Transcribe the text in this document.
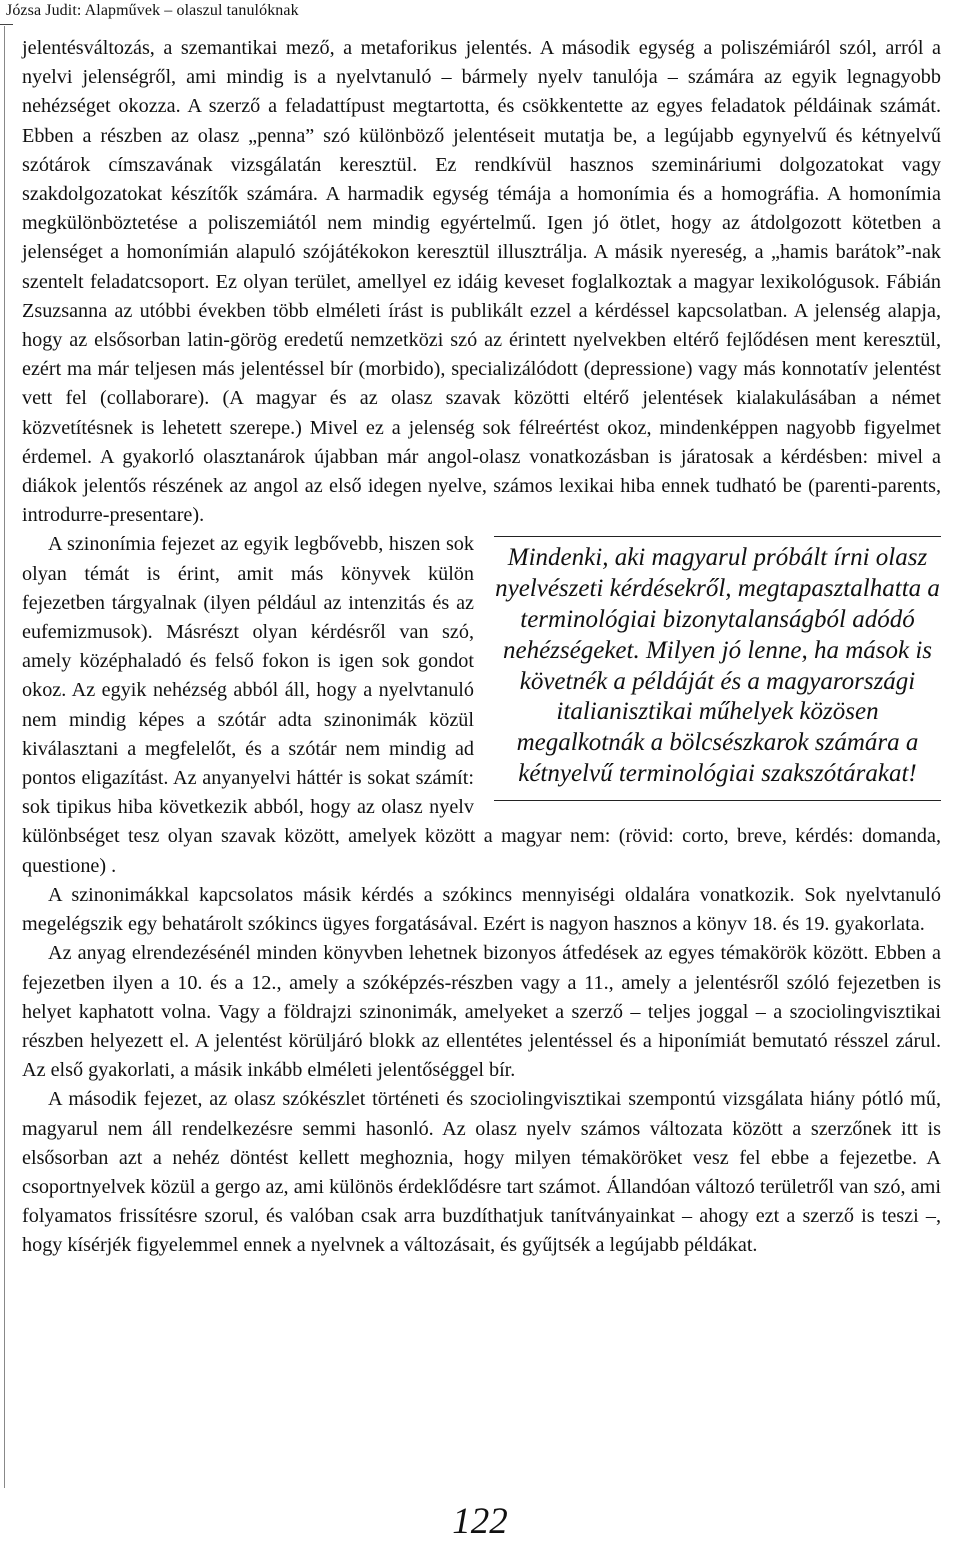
Józsa Judit: Alapművek – olaszul tanulóknak

jelentésváltozás, a szemantikai mező, a metaforikus jelentés. A második egység a poliszémiáról szól, arról a nyelvi jelenségről, ami mindig is a nyelvtanuló – bármely nyelv tanulója – számára az egyik legnagyobb nehézséget okozza. A szerző a feladattípust megtartotta, és csökkentette az egyes feladatok példáinak számát. Ebben a részben az olasz „penna” szó különböző jelentéseit mutatja be, a legújabb egynyelvű és kétnyelvű szótárok címszavának vizsgálatán keresztül. Ez rendkívül hasznos szemináriumi dolgozatokat vagy szakdolgozatokat készítők számára. A harmadik egység témája a homonímia és a homográfia. A homonímia megkülönböztetése a poliszemiától nem mindig egyértelmű. Igen jó ötlet, hogy az átdolgozott kötetben a jelenséget a homonímián alapuló szójátékokon keresztül illusztrálja. A másik nyereség, a „hamis barátok”-nak szentelt feladatcsoport. Ez olyan terület, amellyel ez idáig keveset foglalkoztak a magyar lexikológusok. Fábián Zsuzsanna az utóbbi években több elméleti írást is publikált ezzel a kérdéssel kapcsolatban. A jelenség alapja, hogy az elsősorban latin-görög eredetű nemzetközi szó az érintett nyelvekben eltérő fejlődésen ment keresztül, ezért ma már teljesen más jelentéssel bír (morbido), specializálódott (depressione) vagy más konnotatív jelentést vett fel (collaborare). (A magyar és az olasz szavak közötti eltérő jelentések kialakulásában a német közvetítésnek is lehetett szerepe.) Mivel ez a jelenség sok félreértést okoz, mindenképpen nagyobb figyelmet érdemel. A gyakorló olasztanárok újabban már angol-olasz vonatkozásban is járatosak a kérdésben: mivel a diákok jelentős részének az angol az első idegen nyelve, számos lexikai hiba ennek tudható be (parenti-parents, introdurre-presentare).

Mindenki, aki magyarul próbált írni olasz nyelvészeti kérdésekről, megtapasztalhatta a terminológiai bizonytalanságból adódó nehézségeket. Milyen jó lenne, ha mások is követnék a példáját és a magyarországi italianisztikai műhelyek közösen megalkotnák a bölcsészkarok számára a kétnyelvű terminológiai szakszótárakat!

A szinonímia fejezet az egyik legbővebb, hiszen sok olyan témát is érint, amit más könyvek külön fejezetben tárgyalnak (ilyen például az intenzitás és az eufemizmusok). Másrészt olyan kérdésről van szó, amely középhaladó és felső fokon is igen sok gondot okoz. Az egyik nehézség abból áll, hogy a nyelvtanuló nem mindig képes a szótár adta szinonimák közül kiválasztani a megfelelőt, és a szótár nem mindig ad pontos eligazítást. Az anyanyelvi háttér is sokat számít: sok tipikus hiba következik abból, hogy az olasz nyelv különbséget tesz olyan szavak között, amelyek között a magyar nem: (rövid: corto, breve, kérdés: domanda, questione) .

A szinonimákkal kapcsolatos másik kérdés a szókincs mennyiségi oldalára vonatkozik. Sok nyelvtanuló megelégszik egy behatárolt szókincs ügyes forgatásával. Ezért is nagyon hasznos a könyv 18. és 19. gyakorlata.

Az anyag elrendezésénél minden könyvben lehetnek bizonyos átfedések az egyes témakörök között. Ebben a fejezetben ilyen a 10. és a 12., amely a szóképzés-részben vagy a 11., amely a jelentésről szóló fejezetben is helyet kaphatott volna. Vagy a földrajzi szinonimák, amelyeket a szerző – teljes joggal – a szociolingvisztikai részben helyezett el. A jelentést körüljáró blokk az ellentétes jelentéssel és a hiponímiát bemutató résszel zárul. Az első gyakorlati, a másik inkább elméleti jelentőséggel bír.

A második fejezet, az olasz szókészlet történeti és szociolingvisztikai szempontú vizsgálata hiány pótló mű, magyarul nem áll rendelkezésre semmi hasonló. Az olasz nyelv számos változata között a szerzőnek itt is elsősorban azt a nehéz döntést kellett meghoznia, hogy milyen témaköröket vesz fel ebbe a fejezetbe. A csoportnyelvek közül a gergo az, ami különös érdeklődésre tart számot. Állandóan változó területről van szó, ami folyamatos frissítésre szorul, és valóban csak arra buzdíthatjuk tanítványainkat – ahogy ezt a szerző is teszi –, hogy kísérjék figyelemmel ennek a nyelvnek a változásait, és gyűjtsék a legújabb példákat.

122
